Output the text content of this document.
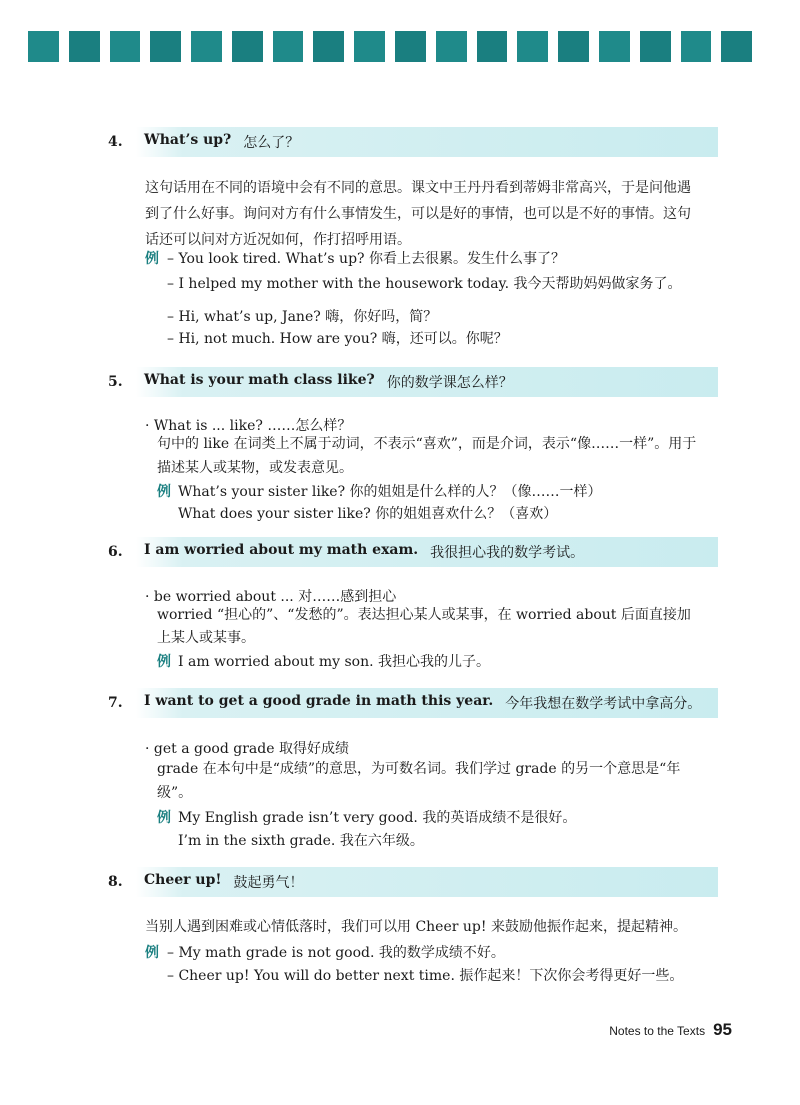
4.	What’s up? 怎么了？
这句话用在不同的语境中会有不同的意思。课文中王丹丹看到蒂姆非常高兴，于是问他遇到了什么好事。询问对方有什么事情发生，可以是好的事情，也可以是不好的事情。这句话还可以问对方近况如何，作打招呼用语。
例 – You look tired. What’s up? 你看上去很累。发生什么事了？
– I helped my mother with the housework today. 我今天帮助妈妈做家务了。
– Hi, what’s up, Jane? 嗨，你好吗，简？
– Hi, not much. How are you? 嗨，还可以。你呢？
5.	What is your math class like? 你的数学课怎么样？
· What is ... like? ……怎么样？
句中的 like 在词类上不属于动词，不表示“喜欢”，而是介词，表示“像……一样”。用于描述某人或某物，或发表意见。
例 What’s your sister like? 你的姐姐是什么样的人？（像……一样）
What does your sister like? 你的姐姐喜欢什么？（喜欢）
6.	I am worried about my math exam. 我很担心我的数学考试。
· be worried about ... 对……感到担心
worried “担心的”、“发愁的”。表达担心某人或某事，在 worried about 后面直接加上某人或某事。
例 I am worried about my son. 我担心我的儿子。
7.	I want to get a good grade in math this year. 今年我想在数学考试中拿高分。
· get a good grade 取得好成绩
grade 在本句中是“成绩”的意思，为可数名词。我们学过 grade 的另一个意思是“年级”。
例 My English grade isn’t very good. 我的英语成绩不是很好。
I’m in the sixth grade. 我在六年级。
8.	Cheer up! 鼓起勇气！
当别人遇到困难或心情低落时，我们可以用 Cheer up! 来鼓励他振作起来，提起精神。
例 – My math grade is not good. 我的数学成绩不好。
– Cheer up! You will do better next time. 振作起来！下次你会考得更好一些。
Notes to the Texts 95
